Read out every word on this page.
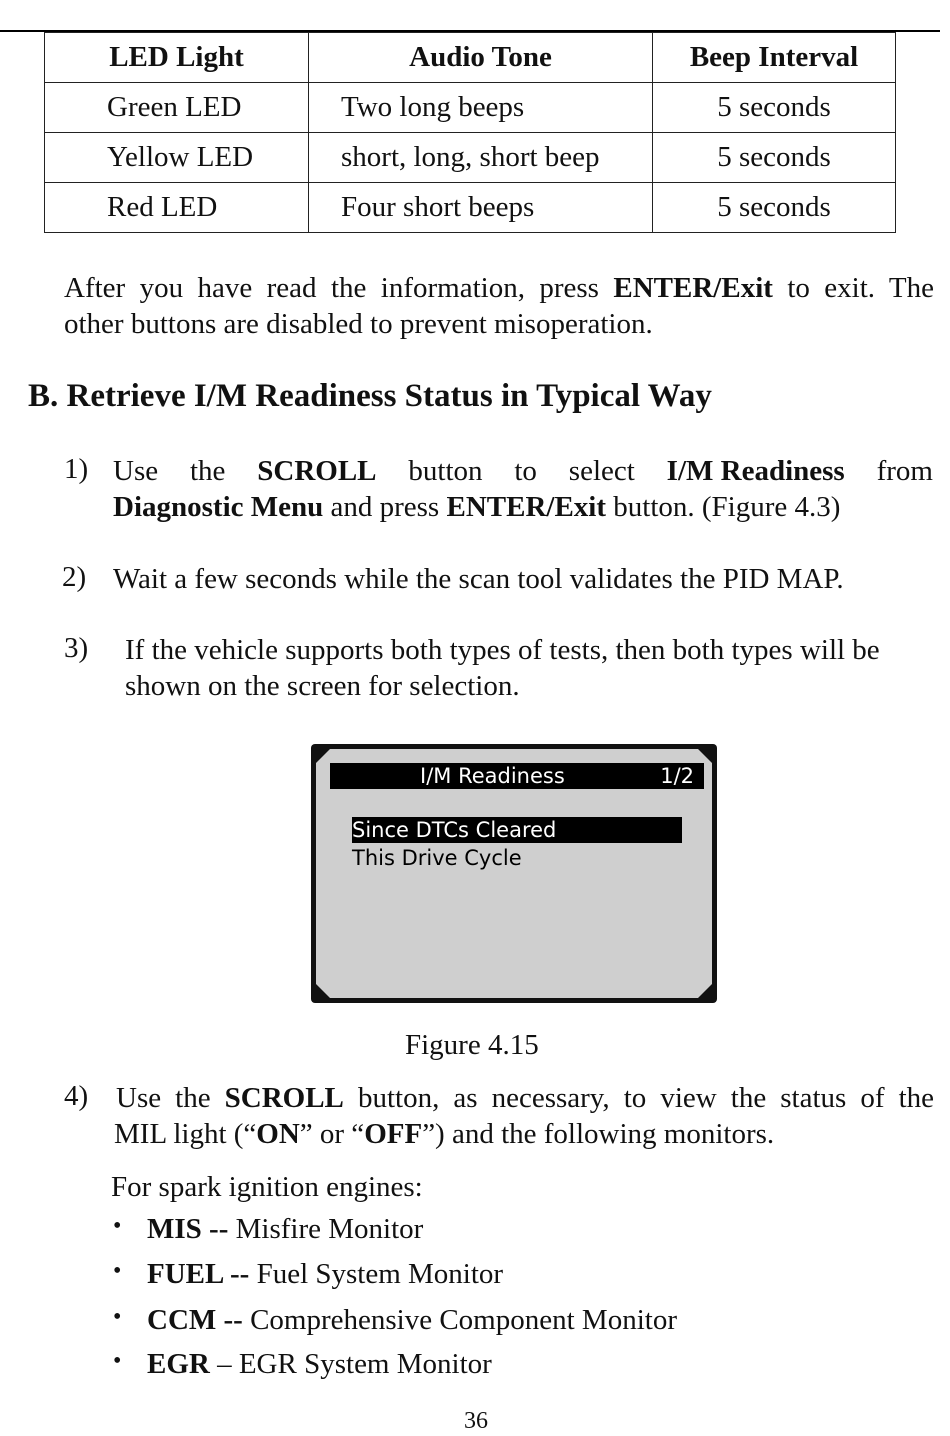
LED Light	Audio Tone	Beep Interval
Green LED	Two long beeps	5 seconds
Yellow LED	short, long, short beep	5 seconds
Red LED	Four short beeps	5 seconds
After you have read the information, press ENTER/Exit to exit. The
other buttons are disabled to prevent misoperation.
B. Retrieve I/M Readiness Status in Typical Way
1) Use the SCROLL button to select I/M Readiness from
Diagnostic Menu and press ENTER/Exit button. (Figure 4.3)
2) Wait a few seconds while the scan tool validates the PID MAP.
3) If the vehicle supports both types of tests, then both types will be
shown on the screen for selection.
I/M Readiness	1/2
Since DTCs Cleared
This Drive Cycle
Figure 4.15
4) Use the SCROLL button, as necessary, to view the status of the
MIL light (“ON” or “OFF”) and the following monitors.
For spark ignition engines:
• MIS -- Misfire Monitor
• FUEL -- Fuel System Monitor
• CCM -- Comprehensive Component Monitor
• EGR – EGR System Monitor
36
